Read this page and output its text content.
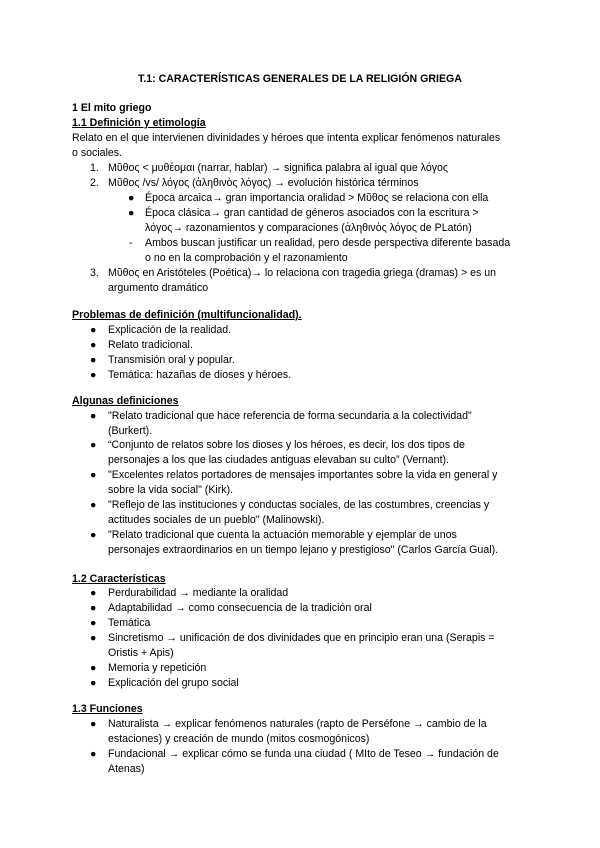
T.1: CARACTERÍSTICAS GENERALES DE LA RELIGIÓN GRIEGA
1 El mito griego
1.1 Definición y etimología
Relato en el que intervienen divinidades y héroes que intenta explicar fenómenos naturales
o sociales.
1. Μῦθος < μυθέομαι (narrar, hablar) → significa palabra al igual que λόγος
2. Μῦθος /vs/ λόγος (ἀληθινὸς λόγος) → evolución histórica términos
● Época arcaica→ gran importancia oralidad > Μῦθος se relaciona con ella
● Época clásica→ gran cantidad de géneros asociados con la escritura >
λόγος→ razonamientos y comparaciones (ἀληθινὸς λόγος de PLatón)
- Ambos buscan justificar un realidad, pero desde perspectiva diferente basada
o no en la comprobación y el razonamiento
3. Μῦθος en Aristóteles (Poética)→ lo relaciona con tragedia griega (dramas) > es un
argumento dramático
Problemas de definición (multifuncionalidad).
● Explicación de la realidad.
● Relato tradicional.
● Transmisión oral y popular.
● Temática: hazañas de dioses y héroes.
Algunas definiciones
● "Relato tradicional que hace referencia de forma secundaria a la colectividad"
(Burkert).
● “Conjunto de relatos sobre los dioses y los héroes, es decir, los dos tipos de
personajes a los que las ciudades antiguas elevaban su culto” (Vernant).
● "Excelentes relatos portadores de mensajes importantes sobre la vida en general y
sobre la vida social" (Kirk).
● "Reflejo de las instituciones y conductas sociales, de las costumbres, creencias y
actitudes sociales de un pueblo" (Malinowski).
● "Relato tradicional que cuenta la actuación memorable y ejemplar de unos
personajes extraordinarios en un tiempo lejano y prestigioso" (Carlos García Gual).
1.2 Características
● Perdurabilidad → mediante la oralidad
● Adaptabilidad → como consecuencia de la tradición oral
● Temática
● Sincretismo → unificación de dos divinidades que en principio eran una (Serapis =
Oristis + Apis)
● Memoria y repetición
● Explicación del grupo social
1.3 Funciones
● Naturalista → explicar fenómenos naturales (rapto de Perséfone → cambio de la
estaciones) y creación de mundo (mitos cosmogónicos)
● Fundacional → explicar cómo se funda una ciudad ( MIto de Teseo → fundación de
Atenas)
